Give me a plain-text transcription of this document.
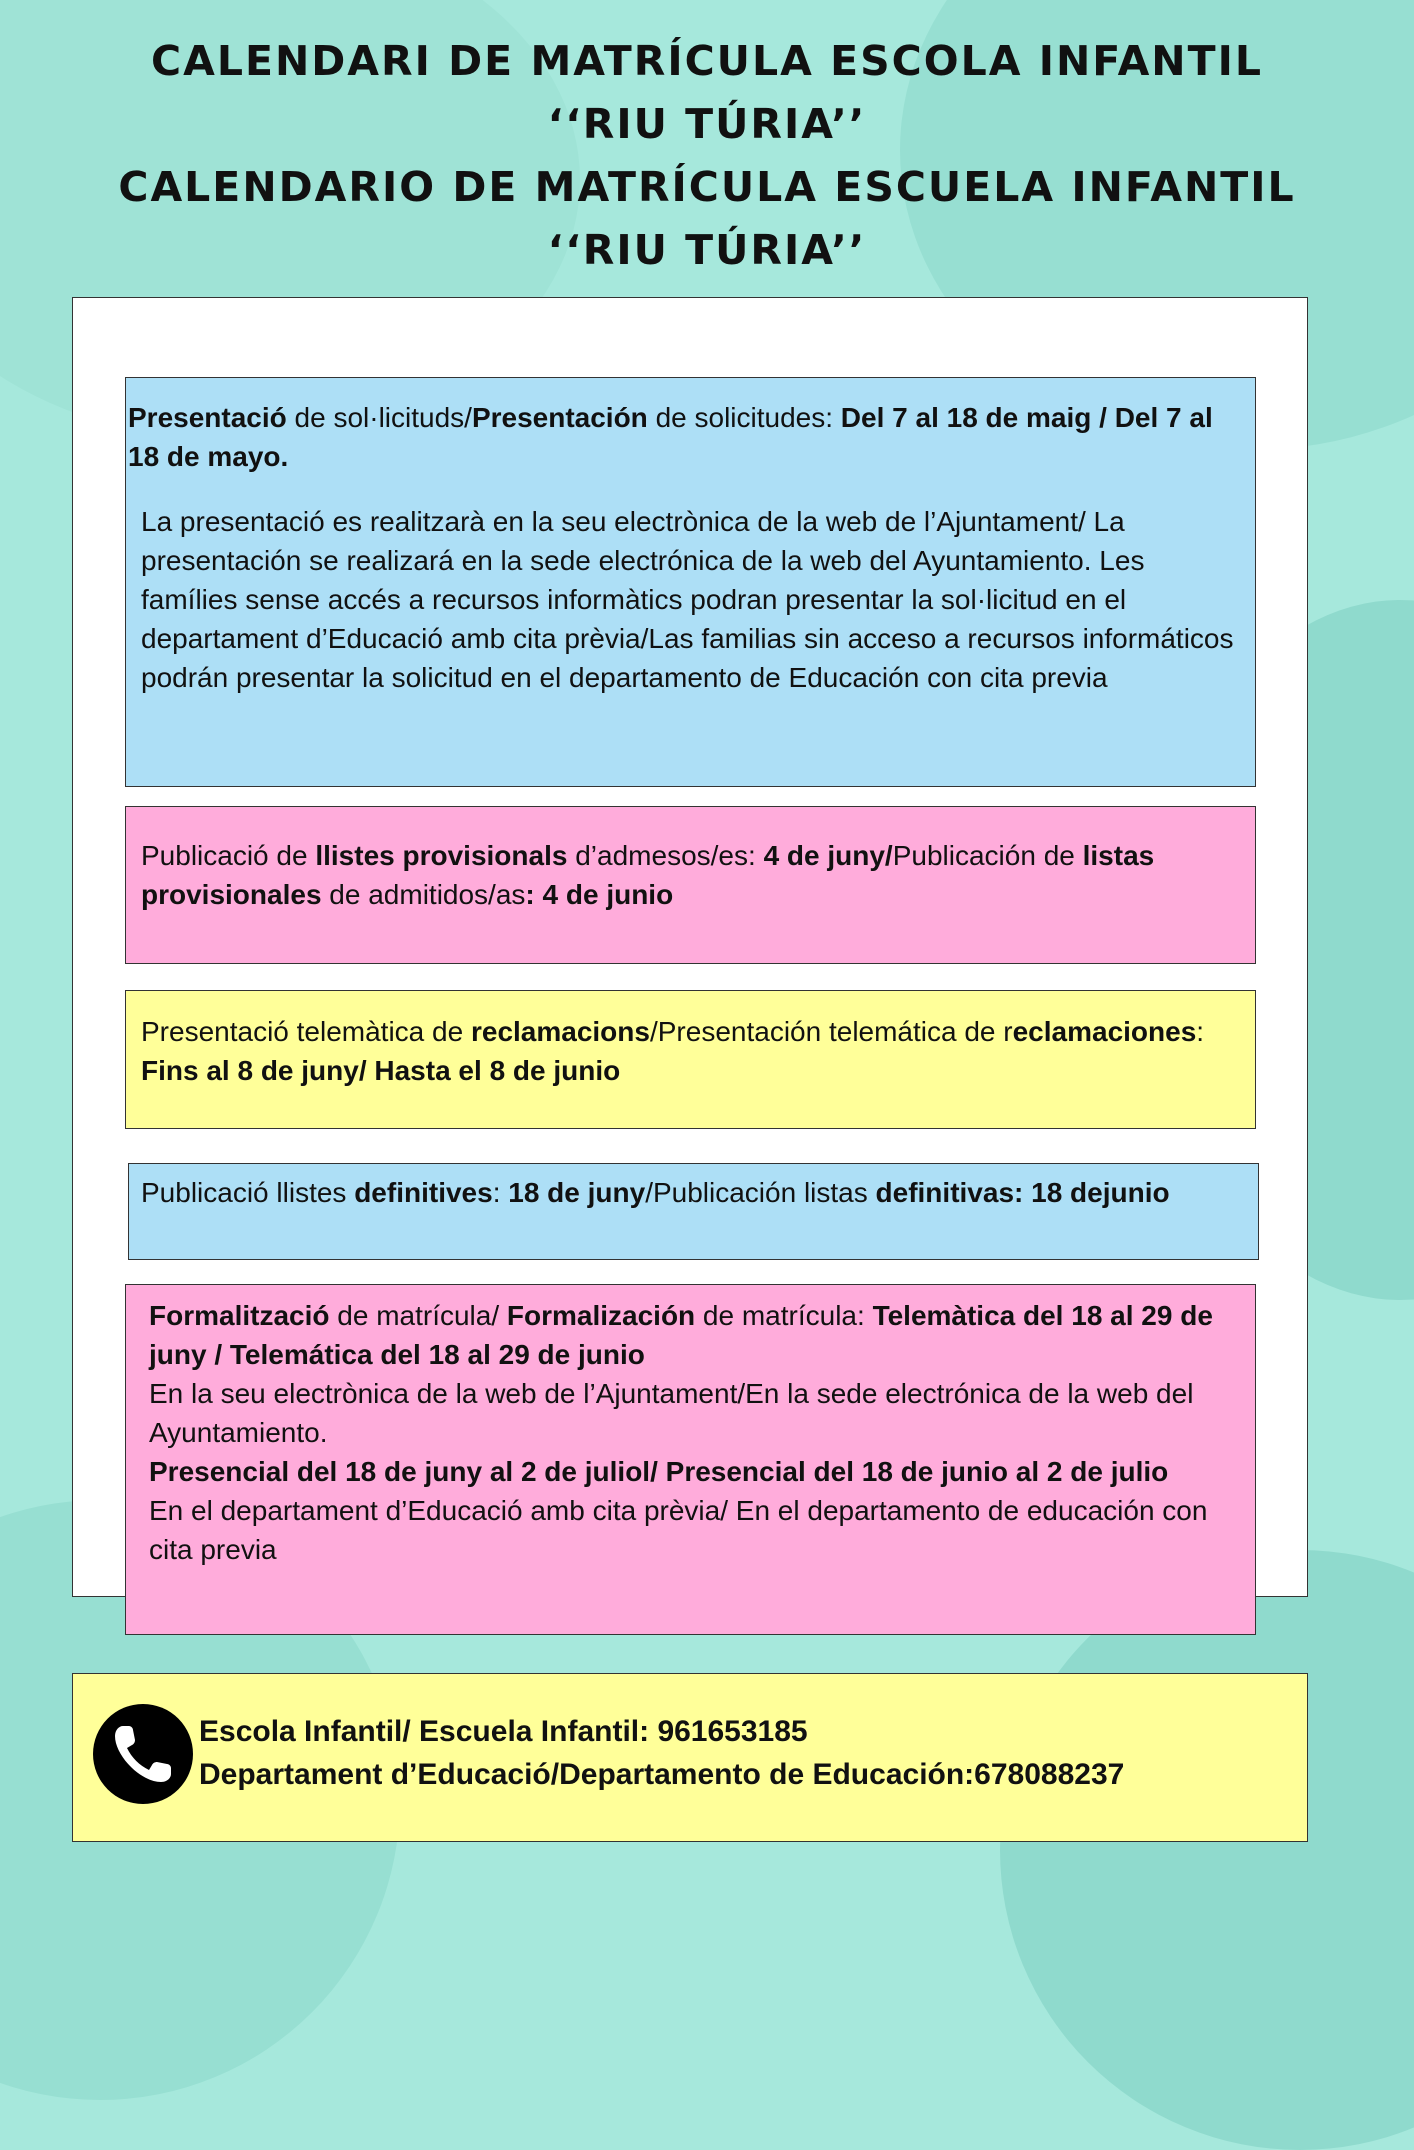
CALENDARI DE MATRÍCULA ESCOLA INFANTIL
‘‘RIU TÚRIA’’
CALENDARIO DE MATRÍCULA ESCUELA INFANTIL
‘‘RIU TÚRIA’’

Presentació de sol·licituds/Presentación de solicitudes: Del 7 al 18 de maig / Del 7 al 18 de mayo.

La presentació es realitzarà en la seu electrònica de la web de l’Ajuntament/ La presentación se realizará en la sede electrónica de la web del Ayuntamiento. Les famílies sense accés a recursos informàtics podran presentar la sol·licitud en el departament d’Educació amb cita prèvia/Las familias sin acceso a recursos informáticos podrán presentar la solicitud en el departamento de Educación con cita previa

Publicació de llistes provisionals d’admesos/es: 4 de juny/Publicación de listas provisionales de admitidos/as: 4 de junio

Presentació telemàtica de reclamacions/Presentación telemática de reclamaciones: Fins al 8 de juny/ Hasta el 8 de junio

Publicació llistes definitives: 18 de juny/Publicación listas definitivas: 18 dejunio

Formalització de matrícula/ Formalización de matrícula: Telemàtica del 18 al 29 de juny / Telemática del 18 al 29 de junio

En la seu electrònica de la web de l’Ajuntament/En la sede electrónica de la web del Ayuntamiento.

Presencial del 18 de juny al 2 de juliol/ Presencial del 18 de junio al 2 de julio

En el departament d’Educació amb cita prèvia/ En el departamento de educación con cita previa

Escola Infantil/ Escuela Infantil: 961653185
Departament d’Educació/Departamento de Educación:678088237
